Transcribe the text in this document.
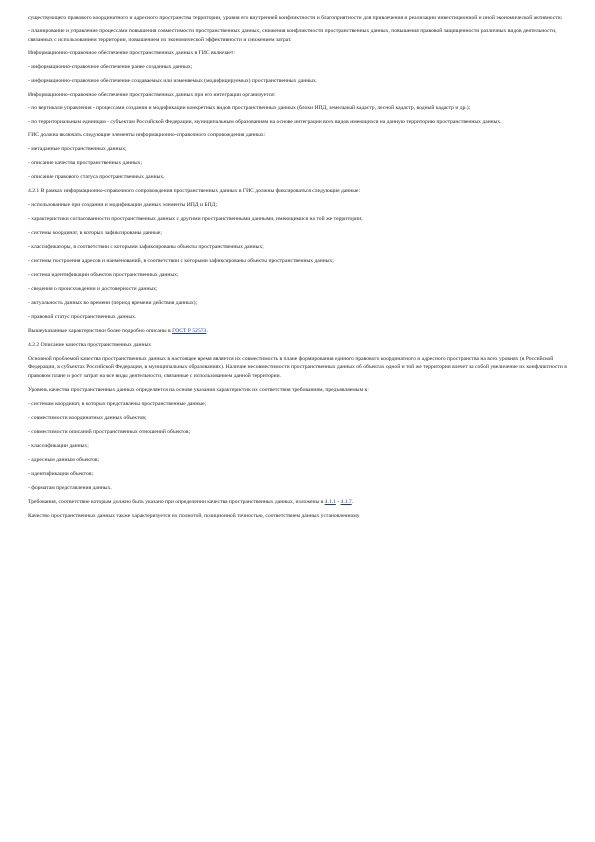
существующего правового координатного и адресного пространства территории, уровня его внутренней конфликтности и благоприятности для привлечения и реализации инвестиционной и иной экономической активности;

- планирование и управление процессами повышения совместимости пространственных данных, снижения конфликтности пространственных данных, повышения правовой защищенности различных видов деятельности, связанных с использованием территории, повышением их экономической эффективности и снижением затрат.

Информационно-справочное обеспечение пространственных данных в ГИС включает:

- информационно-справочное обеспечение ранее созданных данных;

- информационно-справочное обеспечение создаваемых или изменяемых (модифицируемых) пространственных данных.

Информационно-справочное обеспечение пространственных данных при его интеграции организуется:

- по вертикали управления - процессами создания и модификации конкретных видов пространственных данных (блоки ИПД, земельный кадастр, лесной кадастр, водный кадастр и др.);

- по территориальным единицам - субъектам Российской Федерации, муниципальным образованиям на основе интеграции всех видов имеющихся на данную территорию пространственных данных.

ГИС должна включать следующие элементы информационно-справочного сопровождения данных:

- метаданные пространственных данных;

- описание качества пространственных данных;

- описание правового статуса пространственных данных.

4.2.1 В рамках информационно-справочного сопровождения пространственных данных в ГИС должны фиксироваться следующие данные:

- использованные при создании и модификации данных элементы ИПД и БПД;

- характеристики согласованности пространственных данных с другими пространственными данными, имеющимися на той же территории;

- системы координат, в которых зафиксированы данные;

- классификаторы, в соответствии с которыми зафиксированы объекты пространственных данных;

- системы построения адресов и наименований, в соответствии с которыми зафиксированы объекты пространственных данных;

- система идентификации объектов пространственных данных;

- сведения о происхождении и достоверности данных;

- актуальность данных во времени (период времени действия данных);

- правовой статус пространственных данных.

Вышеуказанные характеристики более подробно описаны в ГОСТ Р 52573.

4.2.2 Описание качества пространственных данных

Основной проблемой качества пространственных данных в настоящее время является их совместимость в плане формирования единого правового координатного и адресного пространства на всех уровнях (в Российской Федерации, в субъектах Российской Федерации, в муниципальных образованиях). Наличие несовместимости пространственных данных об объектах одной и той же территории влечет за собой увеличение их конфликтности в правовом плане и рост затрат на все виды деятельности, связанные с использованием данной территории.

Уровень качества пространственных данных определяется на основе указания характеристик их соответствия требованиям, предъявляемым к:

- системам координат, в которых представлены пространственные данные;

- совместимости координатных данных объектов;

- совместимости описаний пространственных отношений объектов;

- классификации данных;

- адресным данным объектов;

- идентификации объектов;

- форматам представления данных.

Требования, соответствие которым должно быть указано при определении качества пространственных данных, изложены в 4.1.1 - 4.1.7.

Качество пространственных данных также характеризуется их полнотой, позиционной точностью, соответствием данных установленному
